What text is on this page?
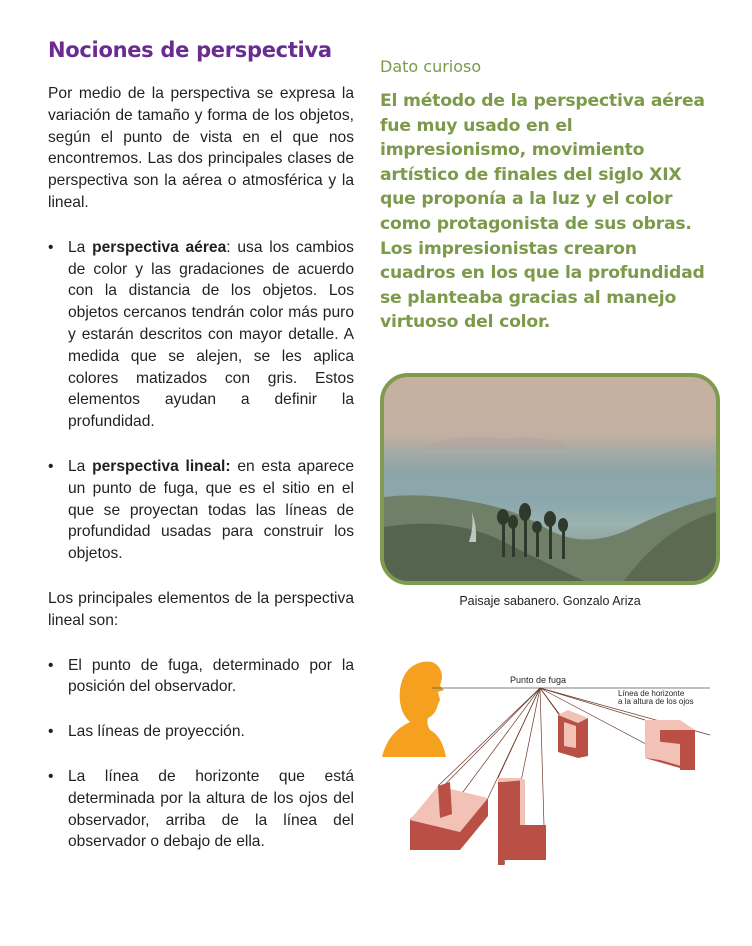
Nociones de perspectiva

Por medio de la perspectiva se expresa la variación de tamaño y forma de los objetos, según el punto de vista en el que nos encontremos. Las dos principales clases de perspectiva son la aérea o atmosférica y la lineal.

• La perspectiva aérea: usa los cambios de color y las gradaciones de acuerdo con la distancia de los objetos. Los objetos cercanos tendrán color más puro y estarán descritos con mayor detalle. A medida que se alejen, se les aplica colores matizados con gris. Estos elementos ayudan a definir la profundidad.
• La perspectiva lineal: en esta aparece un punto de fuga, que es el sitio en el que se proyectan todas las líneas de profundidad usadas para construir los objetos.

Los principales elementos de la perspectiva lineal son:

• El punto de fuga, determinado por la posición del observador.
• Las líneas de proyección.
• La línea de horizonte que está determinada por la altura de los ojos del observador, arriba de la línea del observador o debajo de ella.

Dato curioso

El método de la perspectiva aérea fue muy usado en el impresionismo, movimiento artístico de finales del siglo XIX que proponía a la luz y el color como protagonista de sus obras. Los impresionistas crearon cuadros en los que la profundidad se planteaba gracias al manejo virtuoso del color.

Paisaje sabanero. Gonzalo Ariza

Punto de fuga
Línea de horizonte
a la altura de los ojos
